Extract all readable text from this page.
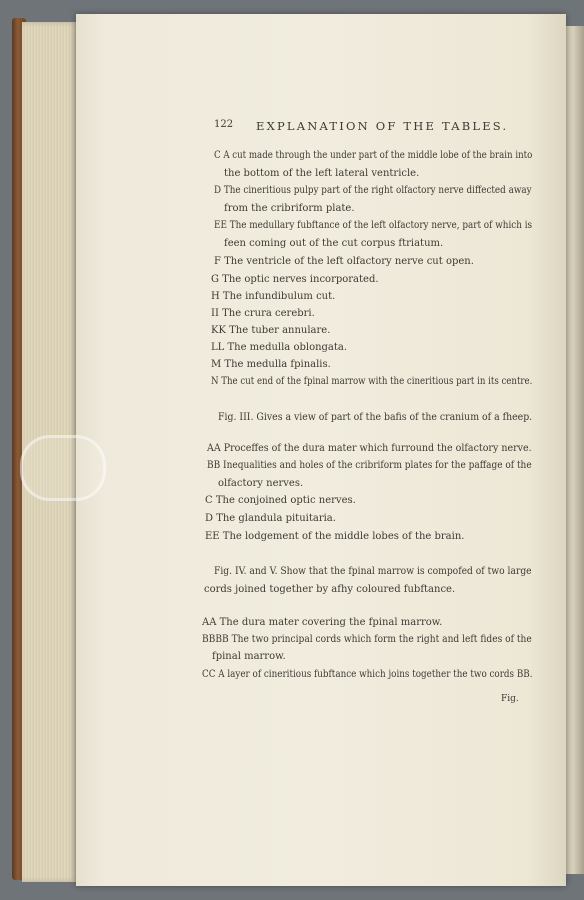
122 EXPLANATION OF THE TABLES.
C A cut made through the under part of the middle lobe of the brain into
the bottom of the left lateral ventricle.
D The cineritious pulpy part of the right olfactory nerve diffected away
from the cribriform plate.
EE The medullary fubftance of the left olfactory nerve, part of which is
feen coming out of the cut corpus ftriatum.
F The ventricle of the left olfactory nerve cut open.
G The optic nerves incorporated.
H The infundibulum cut.
II The crura cerebri.
KK The tuber annulare.
LL The medulla oblongata.
M The medulla fpinalis.
N The cut end of the fpinal marrow with the cineritious part in its centre.
Fig. III. Gives a view of part of the bafis of the cranium of a fheep.
AA Proceffes of the dura mater which furround the olfactory nerve.
BB Inequalities and holes of the cribriform plates for the paffage of the
olfactory nerves.
C The conjoined optic nerves.
D The glandula pituitaria.
EE The lodgement of the middle lobes of the brain.
Fig. IV. and V. Show that the fpinal marrow is compofed of two large
cords joined together by afhy coloured fubftance.
AA The dura mater covering the fpinal marrow.
BBBB The two principal cords which form the right and left fides of the
fpinal marrow.
CC A layer of cineritious fubftance which joins together the two cords BB.
Fig.
